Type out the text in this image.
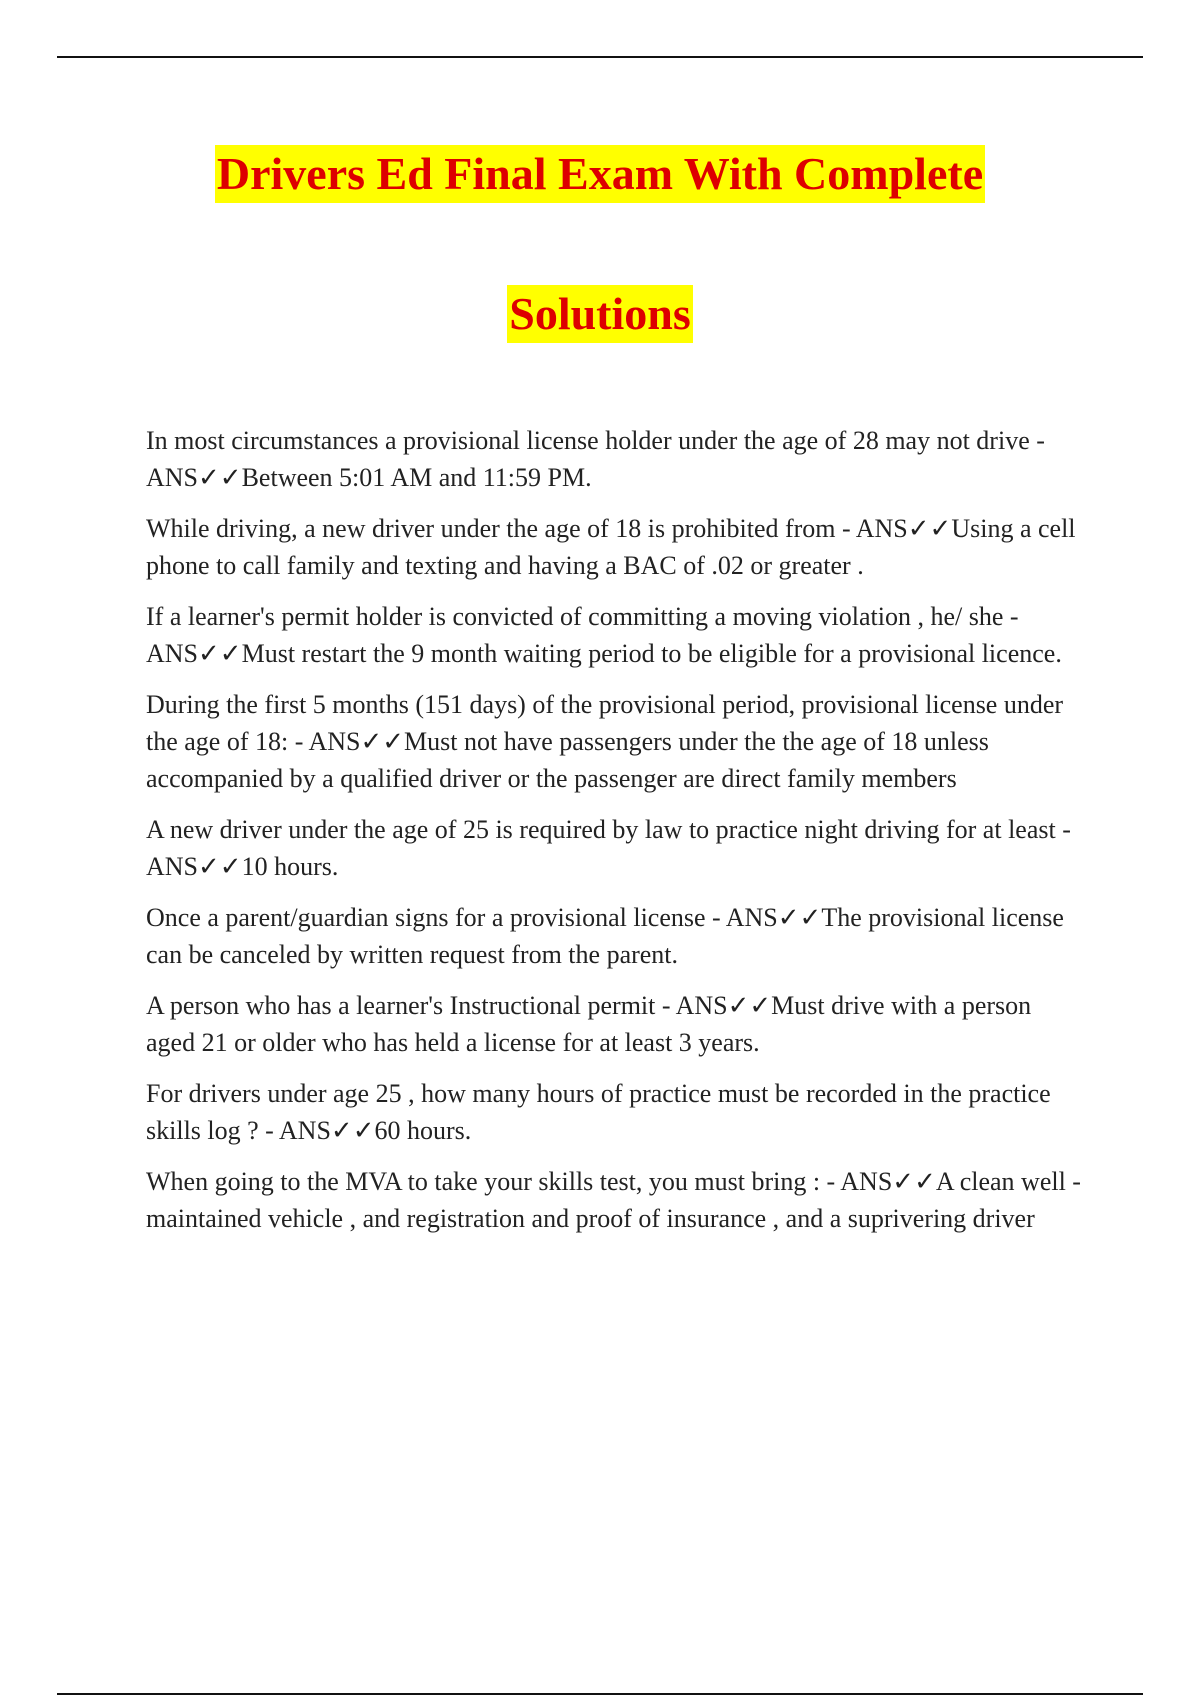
Drivers Ed Final Exam With Complete
Solutions
In most circumstances a provisional license holder under the age of 28 may not drive - ANS✓✓Between 5:01 AM and 11:59 PM.
While driving, a new driver under the age of 18 is prohibited from - ANS✓✓Using a cell phone to call family and texting and having a BAC of .02 or greater .
If a learner's permit holder is convicted of committing a moving violation , he/ she - ANS✓✓Must restart the 9 month waiting period to be eligible for a provisional licence.
During the first 5 months (151 days) of the provisional period, provisional license under the age of 18: - ANS✓✓Must not have passengers under the the age of 18 unless accompanied by a qualified driver or the passenger are direct family members
A new driver under the age of 25 is required by law to practice night driving for at least - ANS✓✓10 hours.
Once a parent/guardian signs for a provisional license - ANS✓✓The provisional license can be canceled by written request from the parent.
A person who has a learner's Instructional permit - ANS✓✓Must drive with a person aged 21 or older who has held a license for at least 3 years.
For drivers under age 25 , how many hours of practice must be recorded in the practice skills log ? - ANS✓✓60 hours.
When going to the MVA to take your skills test, you must bring : - ANS✓✓A clean well - maintained vehicle , and registration and proof of insurance , and a suprivering driver
